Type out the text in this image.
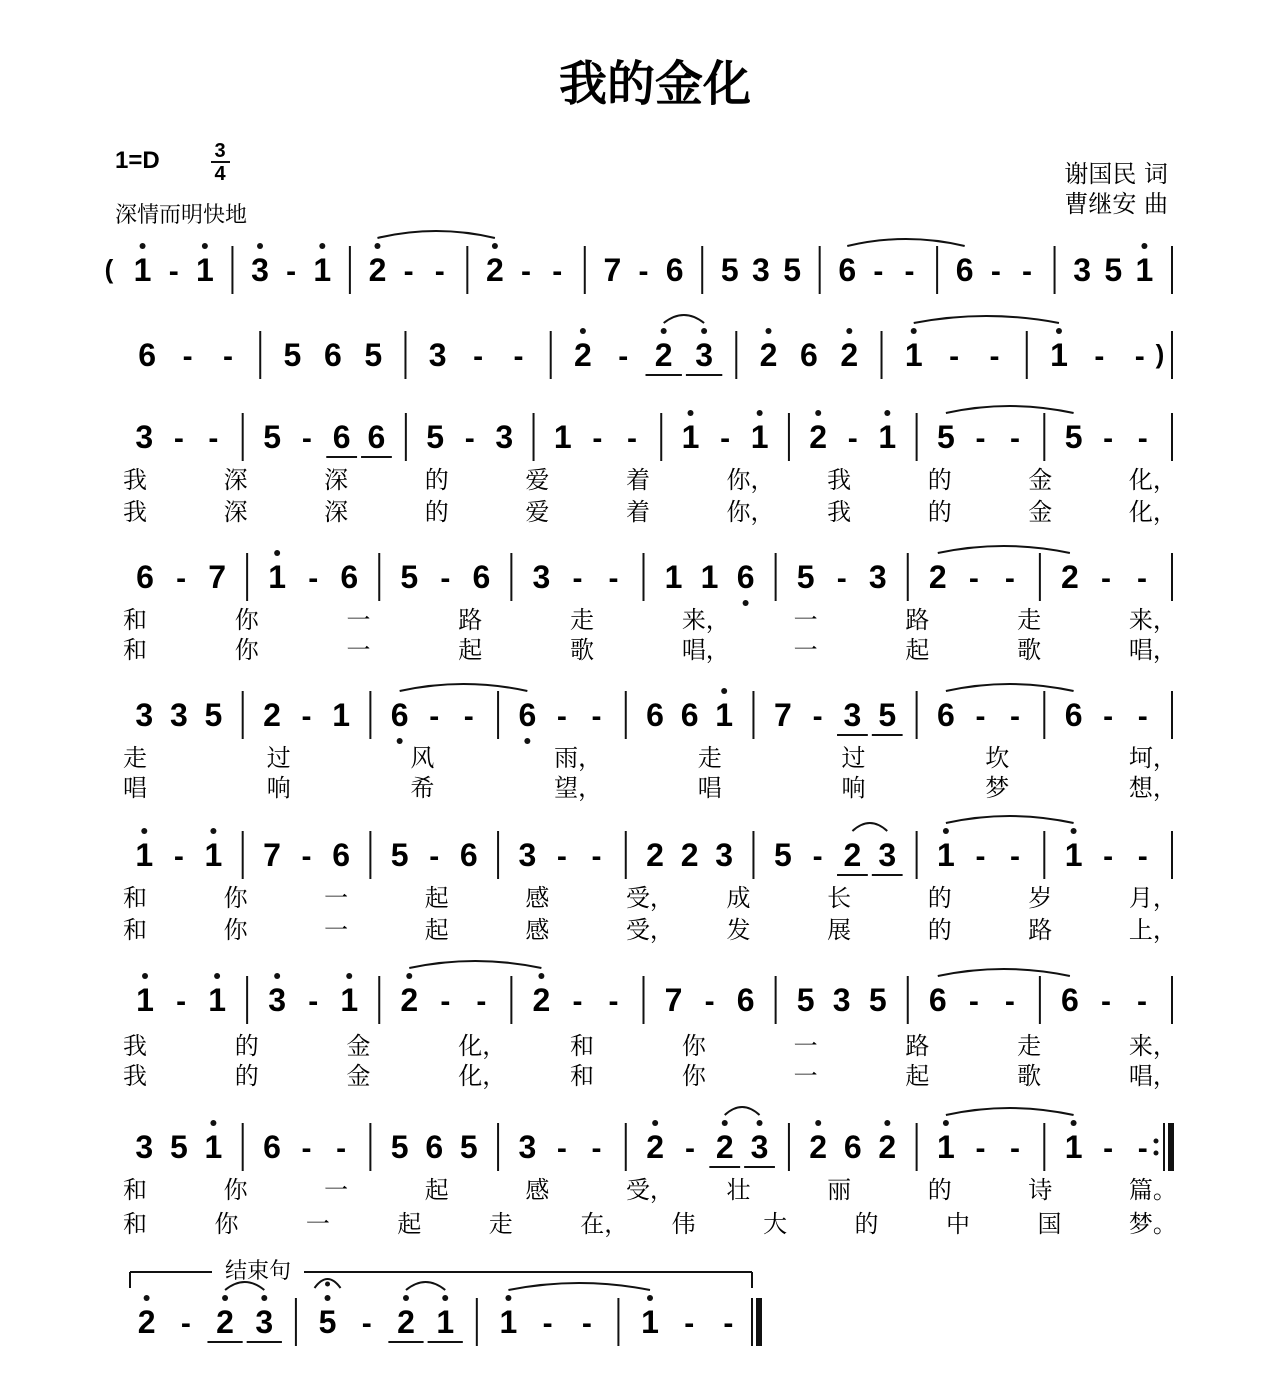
我的金化
1=D	3
4
深情而明快地
谢国民 词
曹继安 曲
结束句
( 1 - 1 3 - 1 2 - - 2 - - 7 - 6 5 3 5 6 - - 6 - - 3 5 1
6 - - 5 6 5 3 - - 2 - 2 3 2 6 2 1 - - 1 - - )
3 - - 5 - 6 6 5 - 3 1 - - 1 - 1 2 - 1 5 - - 5 - -
我	深	深	的	爱	着	你， 我	的	金	化，
我	深	深	的	爱	着	你， 我	的	金	化，
6 - 7 1 - 6 5 - 6 3 - - 1 1 6 5 - 3 2 - - 2 - -
和	你	一	路	走	来，	一	路	走	来，
和	你	一	起	歌	唱，	一	起	歌	唱，
3 3 5 2 - 1 6 - - 6 - - 6 6 1 7 - 3 5 6 - - 6 - -
走	过	风	雨，	走	过	坎	坷，
唱	响	希	望，	唱	响	梦	想，
1 - 1 7 - 6 5 - 6 3 - - 2 2 3 5 - 2 3 1 - - 1 - -
和	你	一	起	感	受， 成	长	的	岁	月，
和	你	一	起	感	受， 发	展	的	路	上，
1 - 1 3 - 1 2 - - 2 - - 7 - 6 5 3 5 6 - - 6 - -
我	的	金	化，	和	你	一	路	走	来，
我	的	金	化，	和	你	一	起	歌	唱，
3 5 1 6 - - 5 6 5 3 - - 2 - 2 3 2 6 2 1 - - 1 - -
和	你	一	起	感	受， 壮	丽	的	诗	篇。
和	你	一	起	走	在， 伟	大	的	中	国	梦。
2 - 2 3 5 - 2 1 1 - - 1 - -
